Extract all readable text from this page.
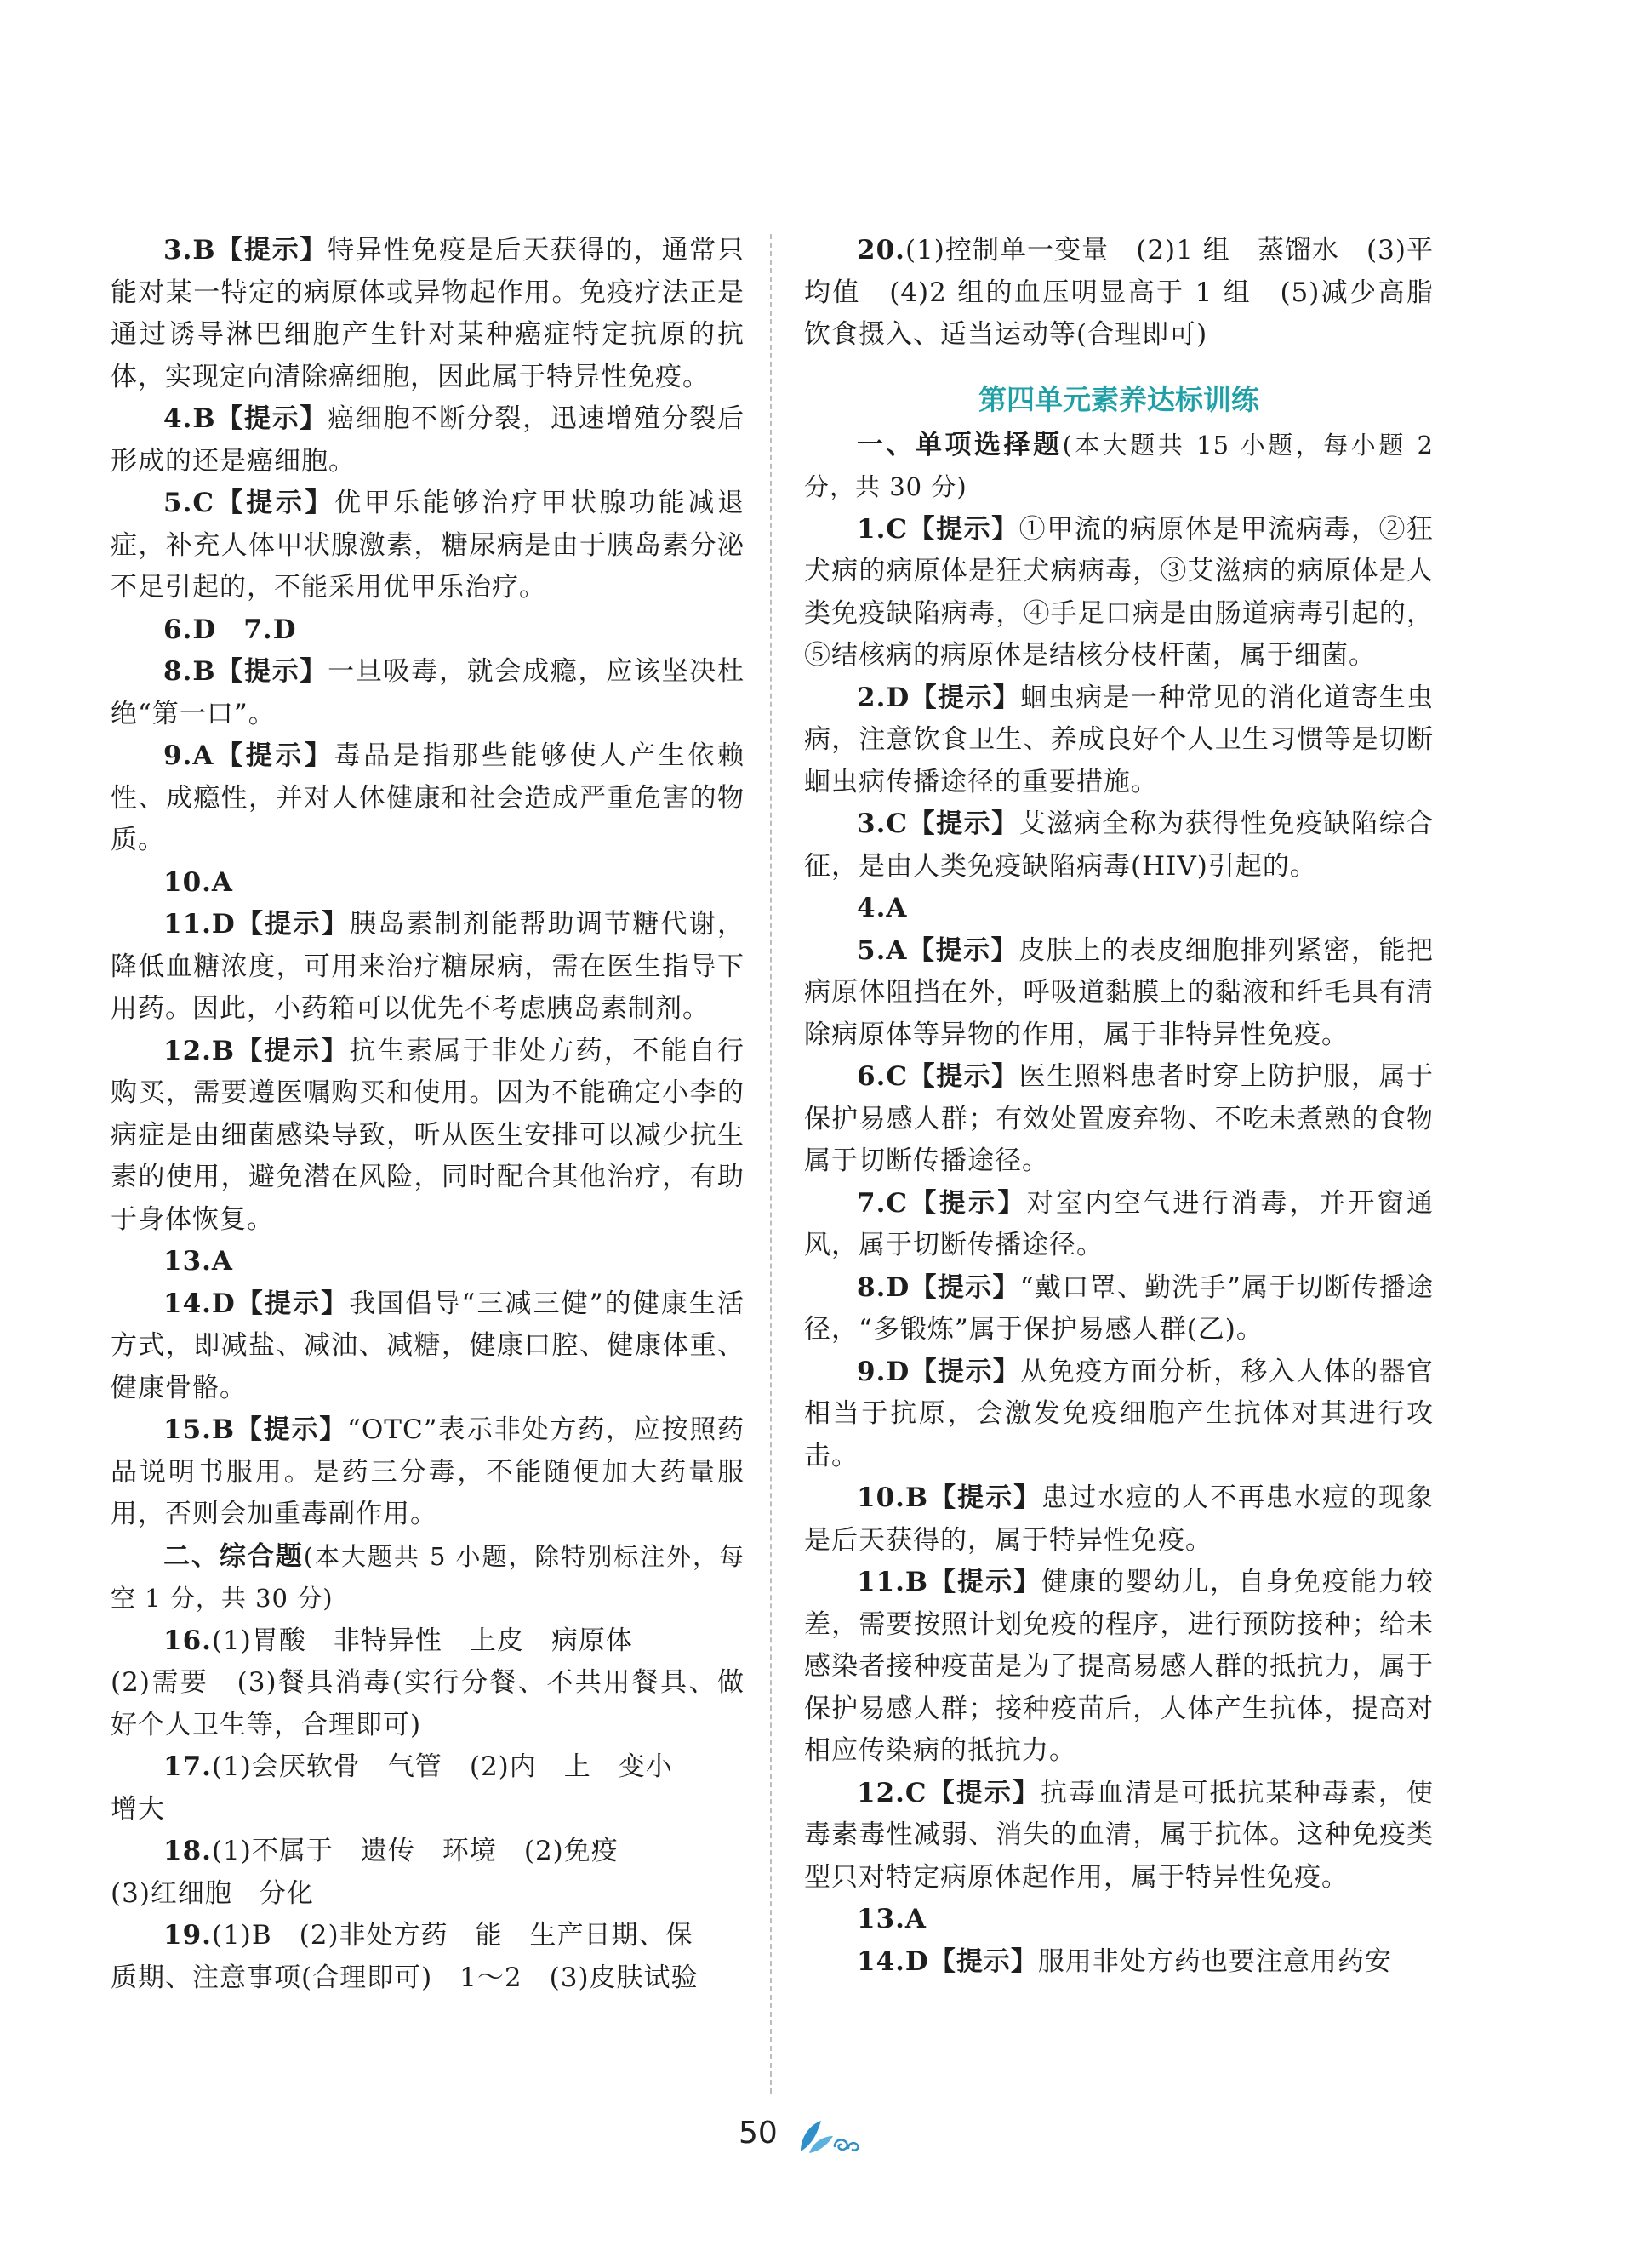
3.B【提示】特异性免疫是后天获得的，通常只能对某一特定的病原体或异物起作用。免疫疗法正是通过诱导淋巴细胞产生针对某种癌症特定抗原的抗体，实现定向清除癌细胞，因此属于特异性免疫。

4.B【提示】癌细胞不断分裂，迅速增殖分裂后形成的还是癌细胞。

5.C【提示】优甲乐能够治疗甲状腺功能减退症，补充人体甲状腺激素，糖尿病是由于胰岛素分泌不足引起的，不能采用优甲乐治疗。

6.D　 7.D

8.B【提示】一旦吸毒，就会成瘾，应该坚决杜绝“第一口”。

9.A【提示】毒品是指那些能够使人产生依赖性、成瘾性，并对人体健康和社会造成严重危害的物质。

10.A

11.D【提示】胰岛素制剂能帮助调节糖代谢，降低血糖浓度，可用来治疗糖尿病，需在医生指导下用药。因此，小药箱可以优先不考虑胰岛素制剂。

12.B【提示】抗生素属于非处方药，不能自行购买，需要遵医嘱购买和使用。因为不能确定小李的病症是由细菌感染导致，听从医生安排可以减少抗生素的使用，避免潜在风险，同时配合其他治疗，有助于身体恢复。

13.A

14.D【提示】我国倡导“三减三健”的健康生活方式，即减盐、减油、减糖，健康口腔、健康体重、健康骨骼。

15.B【提示】“OTC”表示非处方药，应按照药品说明书服用。是药三分毒，不能随便加大药量服用，否则会加重毒副作用。

二、综合题(本大题共 5 小题，除特别标注外，每空 1 分，共 30 分)

16.(1)胃酸　非特异性　上皮　病原体

(2)需要　(3)餐具消毒(实行分餐、不共用餐具、做好个人卫生等，合理即可)

17.(1)会厌软骨　气管　(2)内　上　变小

增大

18.(1)不属于　遗传　环境　(2)免疫

(3)红细胞　分化

19.(1)B　(2)非处方药　能　生产日期、保

质期、注意事项(合理即可)　1～2　(3)皮肤试验

20.(1)控制单一变量　(2)1 组　蒸馏水　(3)平均值　(4)2 组的血压明显高于 1 组　(5)减少高脂饮食摄入、适当运动等(合理即可)

第四单元素养达标训练

一、单项选择题(本大题共 15 小题，每小题 2 分，共 30 分)

1.C【提示】①甲流的病原体是甲流病毒，②狂犬病的病原体是狂犬病病毒，③艾滋病的病原体是人类免疫缺陷病毒，④手足口病是由肠道病毒引起的，⑤结核病的病原体是结核分枝杆菌，属于细菌。

2.D【提示】蛔虫病是一种常见的消化道寄生虫病，注意饮食卫生、养成良好个人卫生习惯等是切断蛔虫病传播途径的重要措施。

3.C【提示】艾滋病全称为获得性免疫缺陷综合征，是由人类免疫缺陷病毒(HIV)引起的。

4.A

5.A【提示】皮肤上的表皮细胞排列紧密，能把病原体阻挡在外，呼吸道黏膜上的黏液和纤毛具有清除病原体等异物的作用，属于非特异性免疫。

6.C【提示】医生照料患者时穿上防护服，属于保护易感人群；有效处置废弃物、不吃未煮熟的食物属于切断传播途径。

7.C【提示】对室内空气进行消毒，并开窗通风，属于切断传播途径。

8.D【提示】“戴口罩、勤洗手”属于切断传播途径，“多锻炼”属于保护易感人群(乙)。

9.D【提示】从免疫方面分析，移入人体的器官相当于抗原，会激发免疫细胞产生抗体对其进行攻击。

10.B【提示】患过水痘的人不再患水痘的现象是后天获得的，属于特异性免疫。

11.B【提示】健康的婴幼儿，自身免疫能力较差，需要按照计划免疫的程序，进行预防接种；给未感染者接种疫苗是为了提高易感人群的抵抗力，属于保护易感人群；接种疫苗后，人体产生抗体，提高对相应传染病的抵抗力。

12.C【提示】抗毒血清是可抵抗某种毒素，使毒素毒性减弱、消失的血清，属于抗体。这种免疫类型只对特定病原体起作用，属于特异性免疫。

13.A

14.D【提示】服用非处方药也要注意用药安

50
